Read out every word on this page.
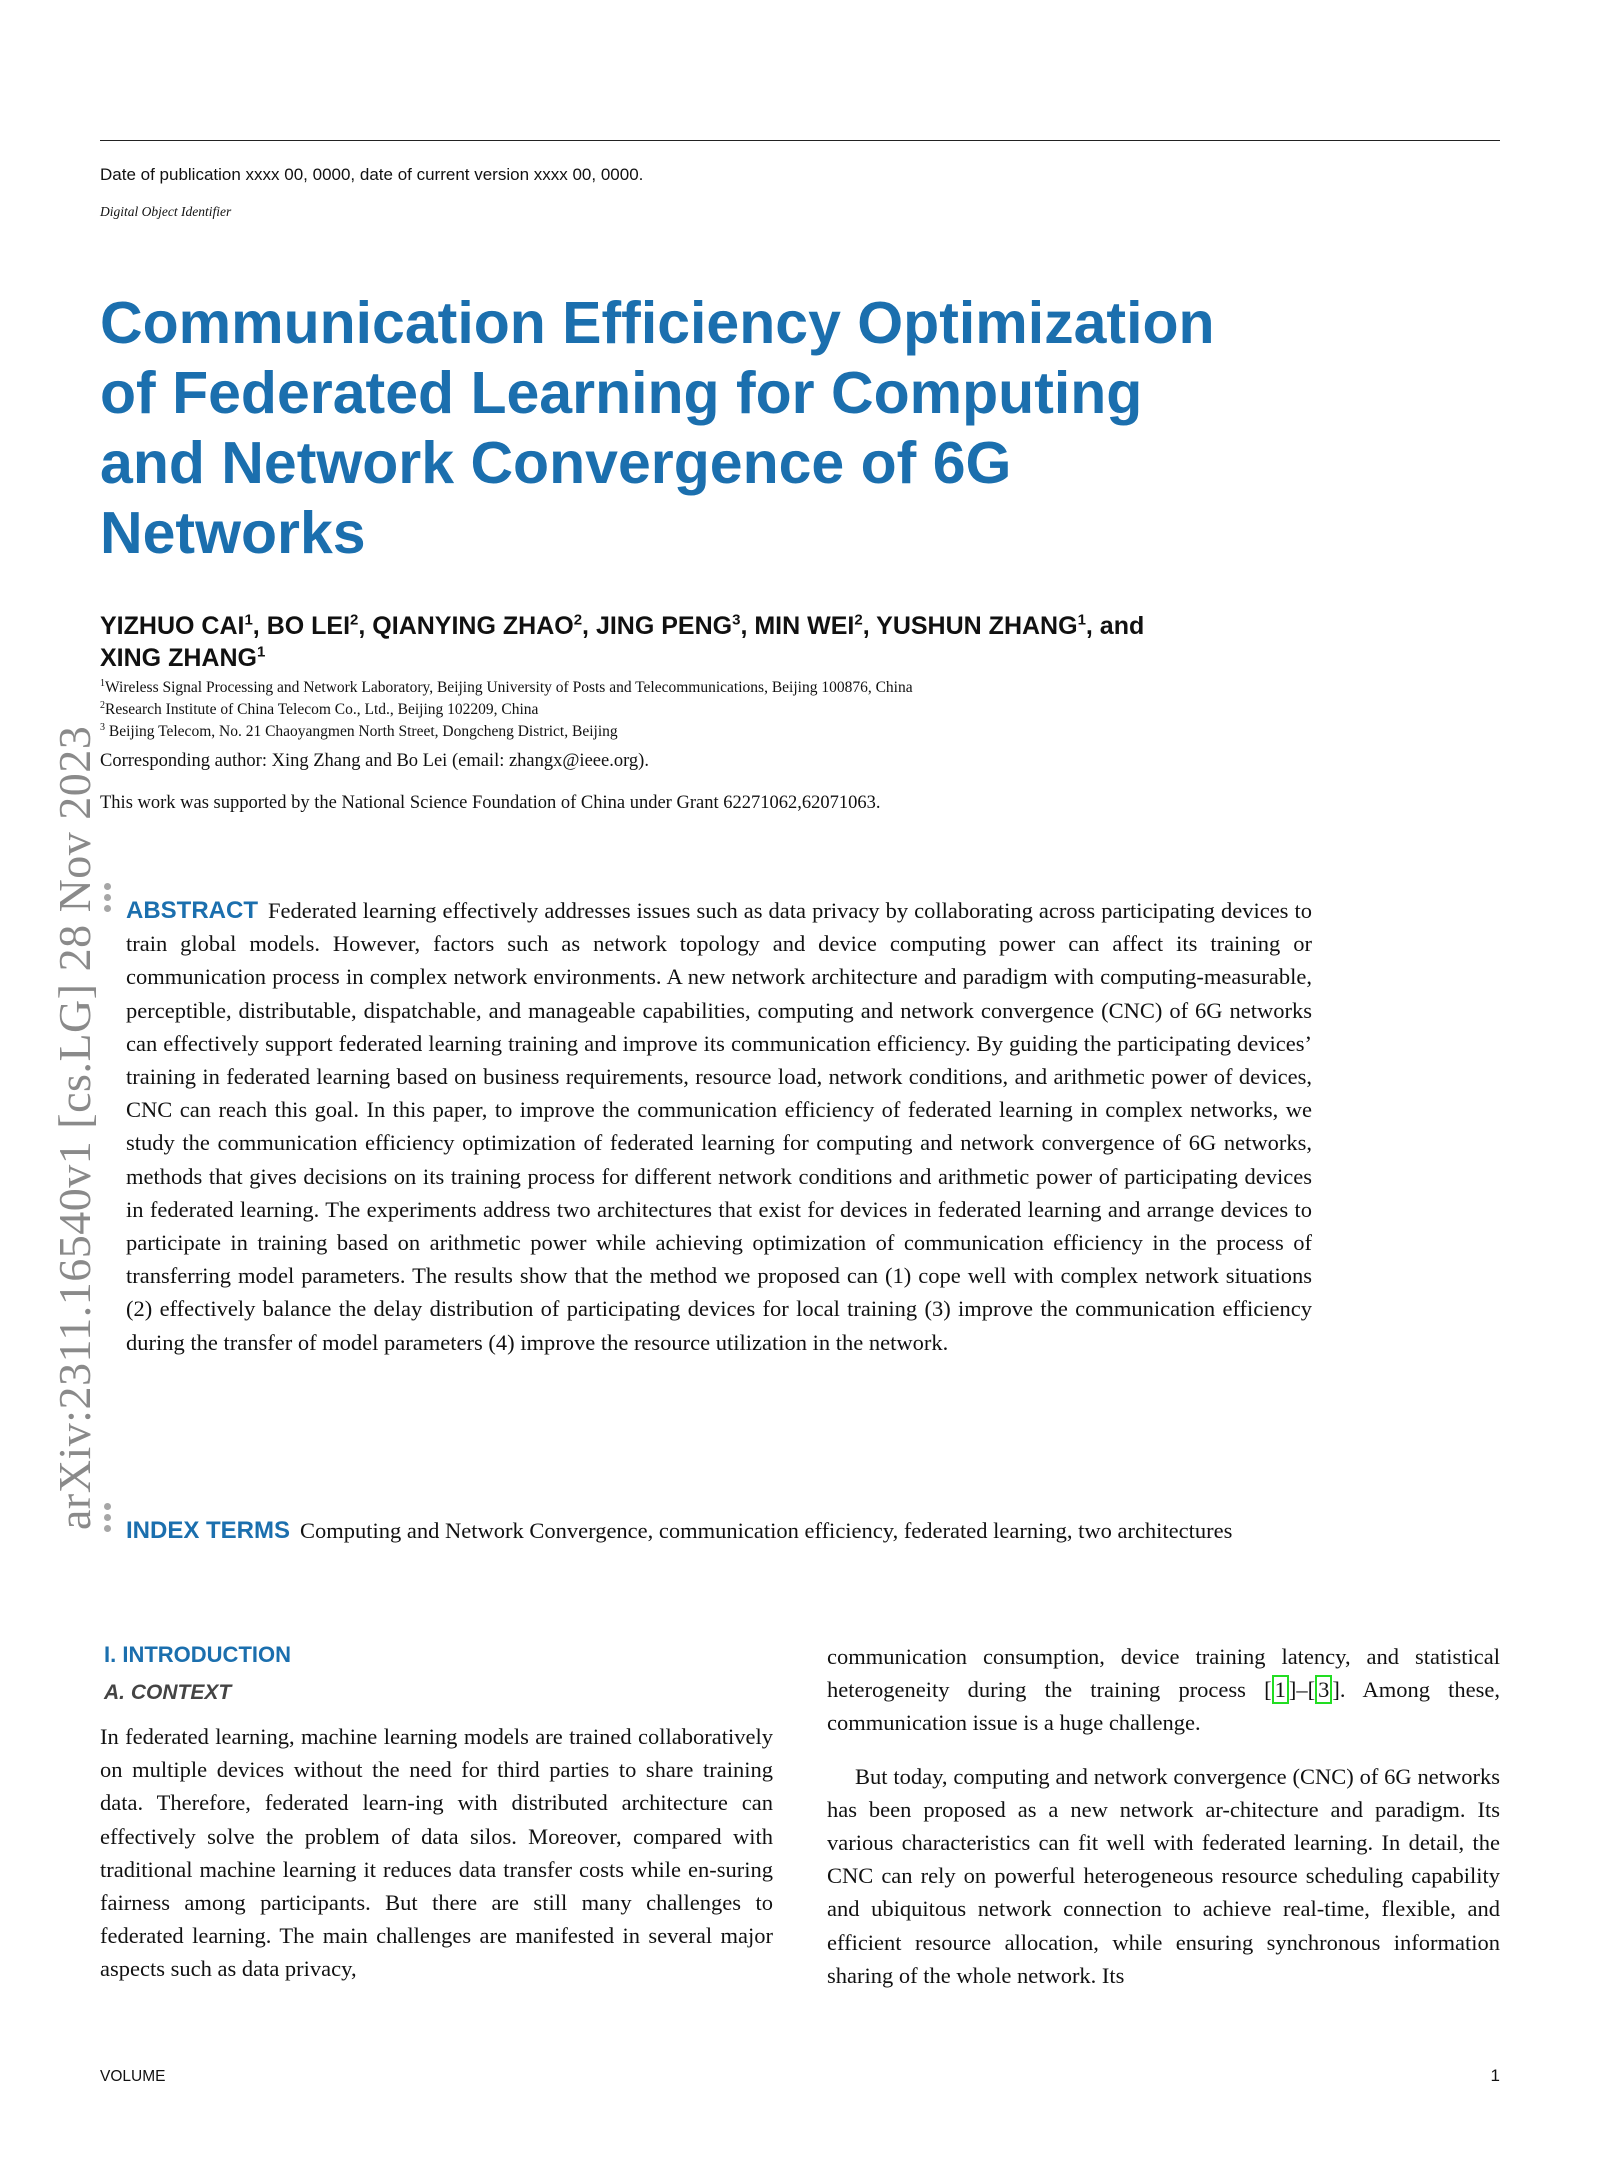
Date of publication xxxx 00, 0000, date of current version xxxx 00, 0000.
Digital Object Identifier
arXiv:2311.16540v1 [cs.LG] 28 Nov 2023
Communication Efficiency Optimization
of Federated Learning for Computing
and Network Convergence of 6G
Networks
YIZHUO CAI$^1$, BO LEI$^2$, QIANYING ZHAO$^2$, JING PENG$^3$, MIN WEI$^2$, YUSHUN ZHANG$^1$, and
XING ZHANG$^1$
$^1$Wireless Signal Processing and Network Laboratory, Beijing University of Posts and Telecommunications, Beijing 100876, China
$^2$Research Institute of China Telecom Co., Ltd., Beijing 102209, China
$^3$ Beijing Telecom, No. 21 Chaoyangmen North Street, Dongcheng District, Beijing
Corresponding author: Xing Zhang and Bo Lei (email: zhangx@ieee.org).
This work was supported by the National Science Foundation of China under Grant 62271062,62071063.
ABSTRACT Federated learning effectively addresses issues such as data privacy by collaborating across participating devices to train global models. However, factors such as network topology and device computing power can affect its training or communication process in complex network environments. A new network architecture and paradigm with computing-measurable, perceptible, distributable, dispatchable, and manageable capabilities, computing and network convergence (CNC) of 6G networks can effectively support federated learning training and improve its communication efficiency. By guiding the participating devices’ training in federated learning based on business requirements, resource load, network conditions, and arithmetic power of devices, CNC can reach this goal. In this paper, to improve the communication efficiency of federated learning in complex networks, we study the communication efficiency optimization of federated learning for computing and network convergence of 6G networks, methods that gives decisions on its training process for different network conditions and arithmetic power of participating devices in federated learning. The experiments address two architectures that exist for devices in federated learning and arrange devices to participate in training based on arithmetic power while achieving optimization of communication efficiency in the process of transferring model parameters. The results show that the method we proposed can (1) cope well with complex network situations (2) effectively balance the delay distribution of participating devices for local training (3) improve the communication efficiency during the transfer of model parameters (4) improve the resource utilization in the network.
INDEX TERMS Computing and Network Convergence, communication efficiency, federated learning, two architectures
I. INTRODUCTION
A. CONTEXT

In federated learning, machine learning models are trained collaboratively on multiple devices without the need for third parties to share training data. Therefore, federated learn-ing with distributed architecture can effectively solve the problem of data silos. Moreover, compared with traditional machine learning it reduces data transfer costs while en-suring fairness among participants. But there are still many challenges to federated learning. The main challenges are manifested in several major aspects such as data privacy,

communication consumption, device training latency, and statistical heterogeneity during the training process [ 1 ]–[ 3 ]. Among these, communication issue is a huge challenge.

But today, computing and network convergence (CNC) of 6G networks has been proposed as a new network ar-chitecture and paradigm. Its various characteristics can fit well with federated learning. In detail, the CNC can rely on powerful heterogeneous resource scheduling capability and ubiquitous network connection to achieve real-time, flexible, and efficient resource allocation, while ensuring synchronous information sharing of the whole network. Its

VOLUME	1
